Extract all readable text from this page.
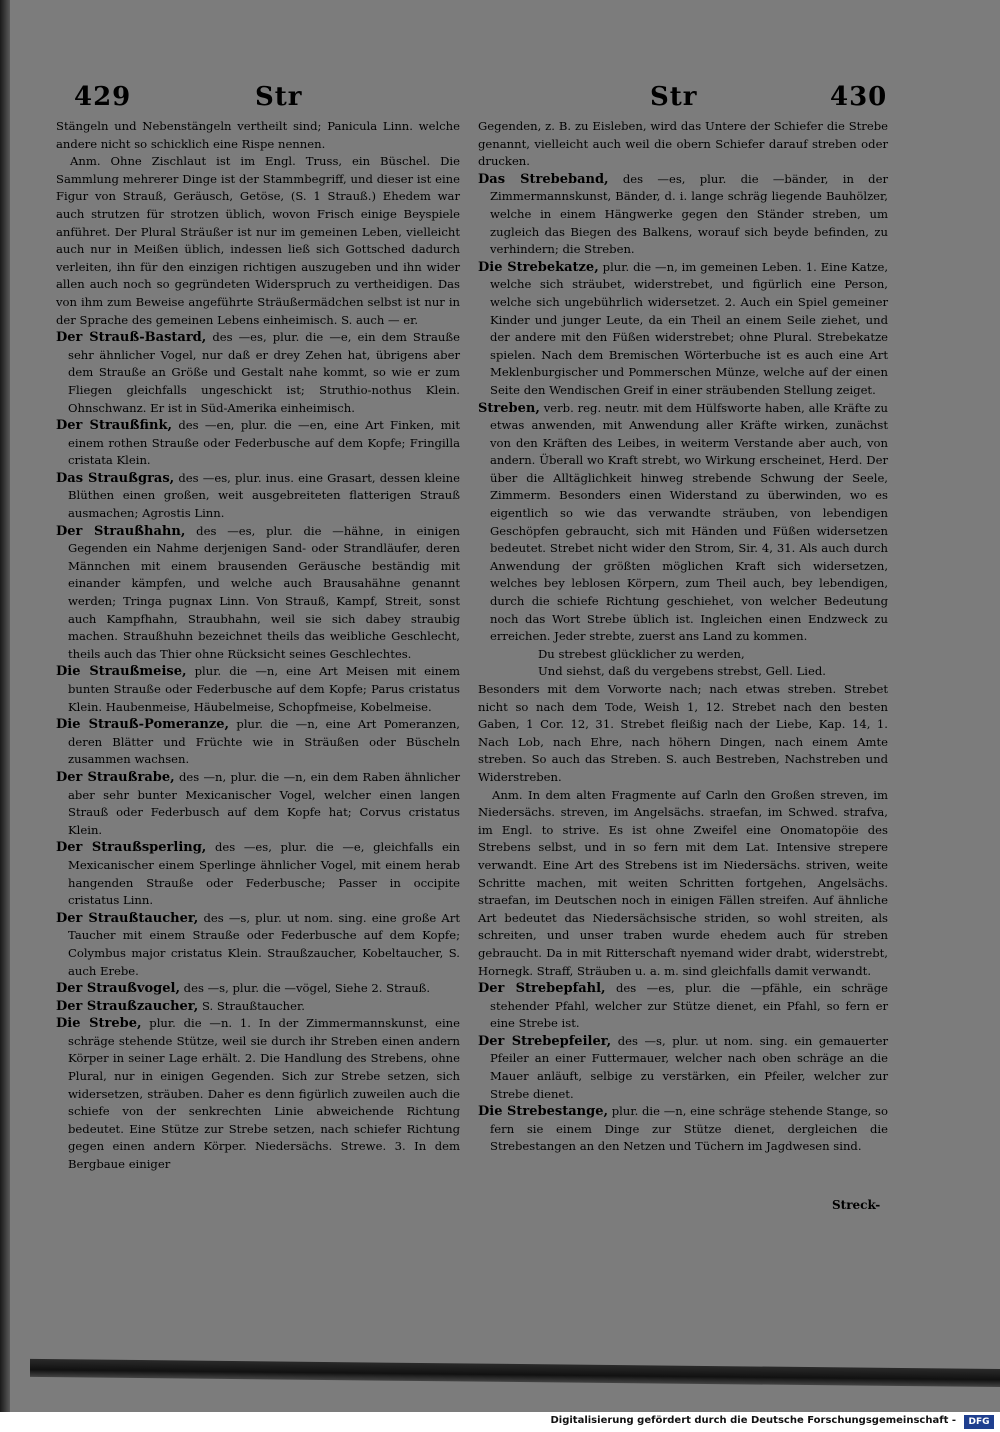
429	Str	Str	430

Stängeln und Nebenstängeln vertheilt sind; Panicula Linn. welche andere nicht so schicklich eine Rispe nennen.

Anm. Ohne Zischlaut ist im Engl. Truss, ein Büschel. Die Sammlung mehrerer Dinge ist der Stammbegriff, und dieser ist eine Figur von Strauß, Geräusch, Getöse, (S. 1 Strauß.) Ehedem war auch strutzen für strotzen üblich, wovon Frisch einige Beyspiele anführet. Der Plural Sträußer ist nur im gemeinen Leben, vielleicht auch nur in Meißen üblich, indessen ließ sich Gottsched dadurch verleiten, ihn für den einzigen richtigen auszugeben und ihn wider allen auch noch so gegründeten Widerspruch zu vertheidigen. Das von ihm zum Beweise angeführte Sträußermädchen selbst ist nur in der Sprache des gemeinen Lebens einheimisch. S. auch — er.

Der Strauß-Bastard, des —es, plur. die —e, ein dem Strauße sehr ähnlicher Vogel, nur daß er drey Zehen hat, übrigens aber dem Strauße an Größe und Gestalt nahe kommt, so wie er zum Fliegen gleichfalls ungeschickt ist; Struthio-nothus Klein. Ohnschwanz. Er ist in Süd-Amerika einheimisch.

Der Straußfink, des —en, plur. die —en, eine Art Finken, mit einem rothen Strauße oder Federbusche auf dem Kopfe; Fringilla cristata Klein.

Das Straußgras, des —es, plur. inus. eine Grasart, dessen kleine Blüthen einen großen, weit ausgebreiteten flatterigen Strauß ausmachen; Agrostis Linn.

Der Straußhahn, des —es, plur. die —hähne, in einigen Gegenden ein Nahme derjenigen Sand- oder Strandläufer, deren Männchen mit einem brausenden Geräusche beständig mit einander kämpfen, und welche auch Brausahähne genannt werden; Tringa pugnax Linn. Von Strauß, Kampf, Streit, sonst auch Kampfhahn, Straubhahn, weil sie sich dabey straubig machen. Straußhuhn bezeichnet theils das weibliche Geschlecht, theils auch das Thier ohne Rücksicht seines Geschlechtes.

Die Straußmeise, plur. die —n, eine Art Meisen mit einem bunten Strauße oder Federbusche auf dem Kopfe; Parus cristatus Klein. Haubenmeise, Häubelmeise, Schopfmeise, Kobelmeise.

Die Strauß-Pomeranze, plur. die —n, eine Art Pomeranzen, deren Blätter und Früchte wie in Sträußen oder Büscheln zusammen wachsen.

Der Straußrabe, des —n, plur. die —n, ein dem Raben ähnlicher aber sehr bunter Mexicanischer Vogel, welcher einen langen Strauß oder Federbusch auf dem Kopfe hat; Corvus cristatus Klein.

Der Straußsperling, des —es, plur. die —e, gleichfalls ein Mexicanischer einem Sperlinge ähnlicher Vogel, mit einem herab hangenden Strauße oder Federbusche; Passer in occipite cristatus Linn.

Der Straußtaucher, des —s, plur. ut nom. sing. eine große Art Taucher mit einem Strauße oder Federbusche auf dem Kopfe; Colymbus major cristatus Klein. Straußzaucher, Kobeltaucher, S. auch Erebe.

Der Straußvogel, des —s, plur. die —vögel, Siehe 2. Strauß.

Der Straußzaucher, S. Straußtaucher.

Die Strebe, plur. die —n. 1. In der Zimmermannskunst, eine schräge stehende Stütze, weil sie durch ihr Streben einen andern Körper in seiner Lage erhält. 2. Die Handlung des Strebens, ohne Plural, nur in einigen Gegenden. Sich zur Strebe setzen, sich widersetzen, sträuben. Daher es denn figürlich zuweilen auch die schiefe von der senkrechten Linie abweichende Richtung bedeutet. Eine Stütze zur Strebe setzen, nach schiefer Richtung gegen einen andern Körper. Niedersächs. Strewe. 3. In dem Bergbaue einiger

Gegenden, z. B. zu Eisleben, wird das Untere der Schiefer die Strebe genannt, vielleicht auch weil die obern Schiefer darauf streben oder drucken.

Das Strebeband, des —es, plur. die —bänder, in der Zimmermannskunst, Bänder, d. i. lange schräg liegende Bauhölzer, welche in einem Hängwerke gegen den Ständer streben, um zugleich das Biegen des Balkens, worauf sich beyde befinden, zu verhindern; die Streben.

Die Strebekatze, plur. die —n, im gemeinen Leben. 1. Eine Katze, welche sich sträubet, widerstrebet, und figürlich eine Person, welche sich ungebührlich widersetzet. 2. Auch ein Spiel gemeiner Kinder und junger Leute, da ein Theil an einem Seile ziehet, und der andere mit den Füßen widerstrebet; ohne Plural. Strebekatze spielen. Nach dem Bremischen Wörterbuche ist es auch eine Art Meklenburgischer und Pommerschen Münze, welche auf der einen Seite den Wendischen Greif in einer sträubenden Stellung zeiget.

Streben, verb. reg. neutr. mit dem Hülfsworte haben, alle Kräfte zu etwas anwenden, mit Anwendung aller Kräfte wirken, zunächst von den Kräften des Leibes, in weiterm Verstande aber auch, von andern. Überall wo Kraft strebt, wo Wirkung erscheinet, Herd. Der über die Alltäglichkeit hinweg strebende Schwung der Seele, Zimmerm. Besonders einen Widerstand zu überwinden, wo es eigentlich so wie das verwandte sträuben, von lebendigen Geschöpfen gebraucht, sich mit Händen und Füßen widersetzen bedeutet. Strebet nicht wider den Strom, Sir. 4, 31. Als auch durch Anwendung der größten möglichen Kraft sich widersetzen, welches bey leblosen Körpern, zum Theil auch, bey lebendigen, durch die schiefe Richtung geschiehet, von welcher Bedeutung noch das Wort Strebe üblich ist. Ingleichen einen Endzweck zu erreichen. Jeder strebte, zuerst ans Land zu kommen.

Du strebest glücklicher zu werden,

Und siehst, daß du vergebens strebst, Gell. Lied.

Besonders mit dem Vorworte nach; nach etwas streben. Strebet nicht so nach dem Tode, Weish 1, 12. Strebet nach den besten Gaben, 1 Cor. 12, 31. Strebet fleißig nach der Liebe, Kap. 14, 1. Nach Lob, nach Ehre, nach höhern Dingen, nach einem Amte streben. So auch das Streben. S. auch Bestreben, Nachstreben und Widerstreben.

Anm. In dem alten Fragmente auf Carln den Großen streven, im Niedersächs. streven, im Angelsächs. straefan, im Schwed. strafva, im Engl. to strive. Es ist ohne Zweifel eine Onomatopöie des Strebens selbst, und in so fern mit dem Lat. Intensive strepere verwandt. Eine Art des Strebens ist im Niedersächs. striven, weite Schritte machen, mit weiten Schritten fortgehen, Angelsächs. straefan, im Deutschen noch in einigen Fällen streifen. Auf ähnliche Art bedeutet das Niedersächsische striden, so wohl streiten, als schreiten, und unser traben wurde ehedem auch für streben gebraucht. Da in mit Ritterschaft nyemand wider drabt, widerstrebt, Hornegk. Straff, Sträuben u. a. m. sind gleichfalls damit verwandt.

Der Strebepfahl, des —es, plur. die —pfähle, ein schräge stehender Pfahl, welcher zur Stütze dienet, ein Pfahl, so fern er eine Strebe ist.

Der Strebepfeiler, des —s, plur. ut nom. sing. ein gemauerter Pfeiler an einer Futtermauer, welcher nach oben schräge an die Mauer anläuft, selbige zu verstärken, ein Pfeiler, welcher zur Strebe dienet.

Die Strebestange, plur. die —n, eine schräge stehende Stange, so fern sie einem Dinge zur Stütze dienet, dergleichen die Strebestangen an den Netzen und Tüchern im Jagdwesen sind.

Streck-
Digitalisierung gefördert durch die Deutsche Forschungsgemeinschaft -	DFG
